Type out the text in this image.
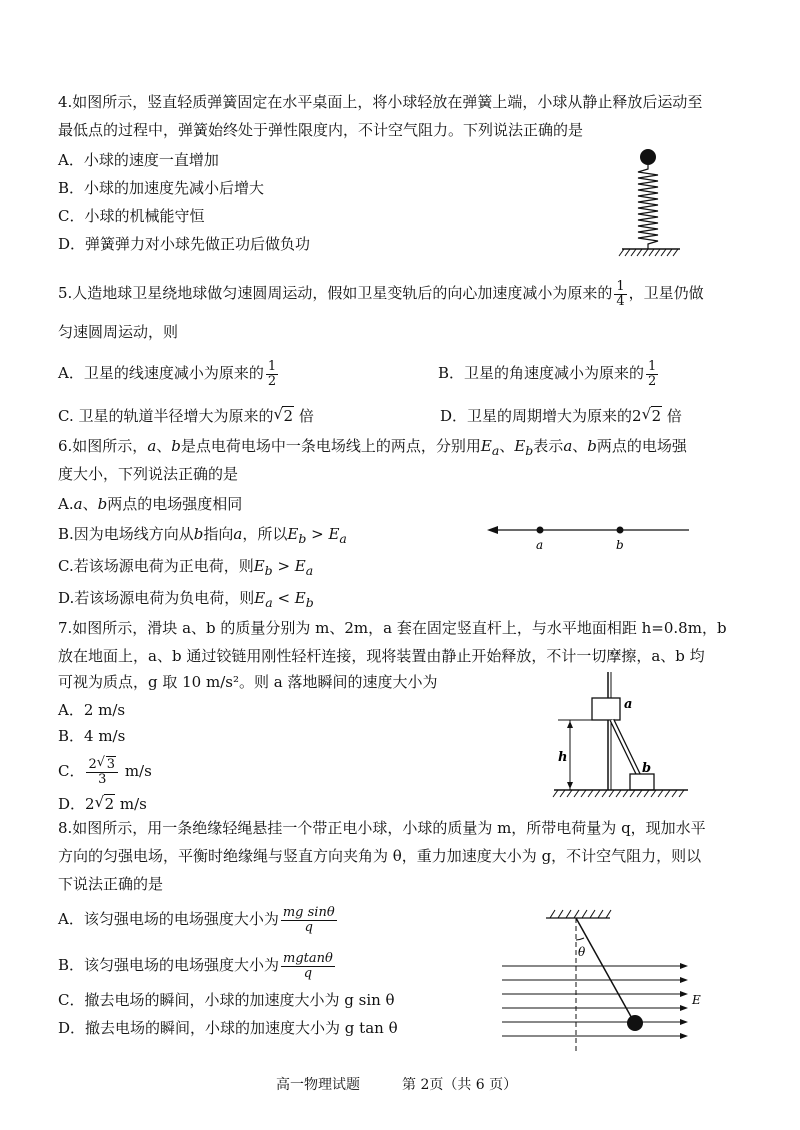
4.如图所示，竖直轻质弹簧固定在水平桌面上，将小球轻放在弹簧上端，小球从静止释放后运动至
最低点的过程中，弹簧始终处于弹性限度内，不计空气阻力。下列说法正确的是
A．小球的速度一直增加
B．小球的加速度先减小后增大
C．小球的机械能守恒
D．弹簧弹力对小球先做正功后做负功
5.人造地球卫星绕地球做匀速圆周运动，假如卫星变轨后的向心加速度减小为原来的 $\frac{1}{4}$ ，卫星仍做
匀速圆周运动，则
A．卫星的线速度减小为原来的 $\frac{1}{2}$	B．卫星的角速度减小为原来的 $\frac{1}{2}$
C. 卫星的轨道半径增大为原来的 √ 2 倍	D．卫星的周期增大为原来的2 √ 2 倍
6.如图所示，a、b是点电荷电场中一条电场线上的两点，分别用$E_a$、$E_b$表示a、b两点的电场强
度大小，下列说法正确的是
A.a、b两点的电场强度相同
B.因为电场线方向从b指向a，所以$E_b > E_a$
C.若该场源电荷为正电荷，则$E_b > E_a$
D.若该场源电荷为负电荷，则$E_a < E_b$
a	b
7.如图所示，滑块 a、b 的质量分别为 m、2m，a 套在固定竖直杆上，与水平地面相距 h=0.8m，b
放在地面上，a、b 通过铰链用刚性轻杆连接，现将装置由静止开始释放，不计一切摩擦，a、b 均
可视为质点，g 取 10 m/s²。则 a 落地瞬间的速度大小为
A．2 m/s
B．4 m/s
C． $\frac{2 √ 3}{3} m/s$
D．2 √ 2 m/s
a
h
b
8.如图所示，用一条绝缘轻绳悬挂一个带正电小球，小球的质量为 m，所带电荷量为 q，现加水平
方向的匀强电场，平衡时绝缘绳与竖直方向夹角为 θ，重力加速度大小为 g，不计空气阻力，则以
下说法正确的是
A．该匀强电场的电场强度大小为 $\frac{\text{mg sinθ}}{q}$
B．该匀强电场的电场强度大小为 $\frac{mgtan\theta}{q}$
C．撤去电场的瞬间，小球的加速度大小为 g sin θ
D．撤去电场的瞬间，小球的加速度大小为 g tan θ
θ
E
高一物理试题	第 2页（共 6 页）
